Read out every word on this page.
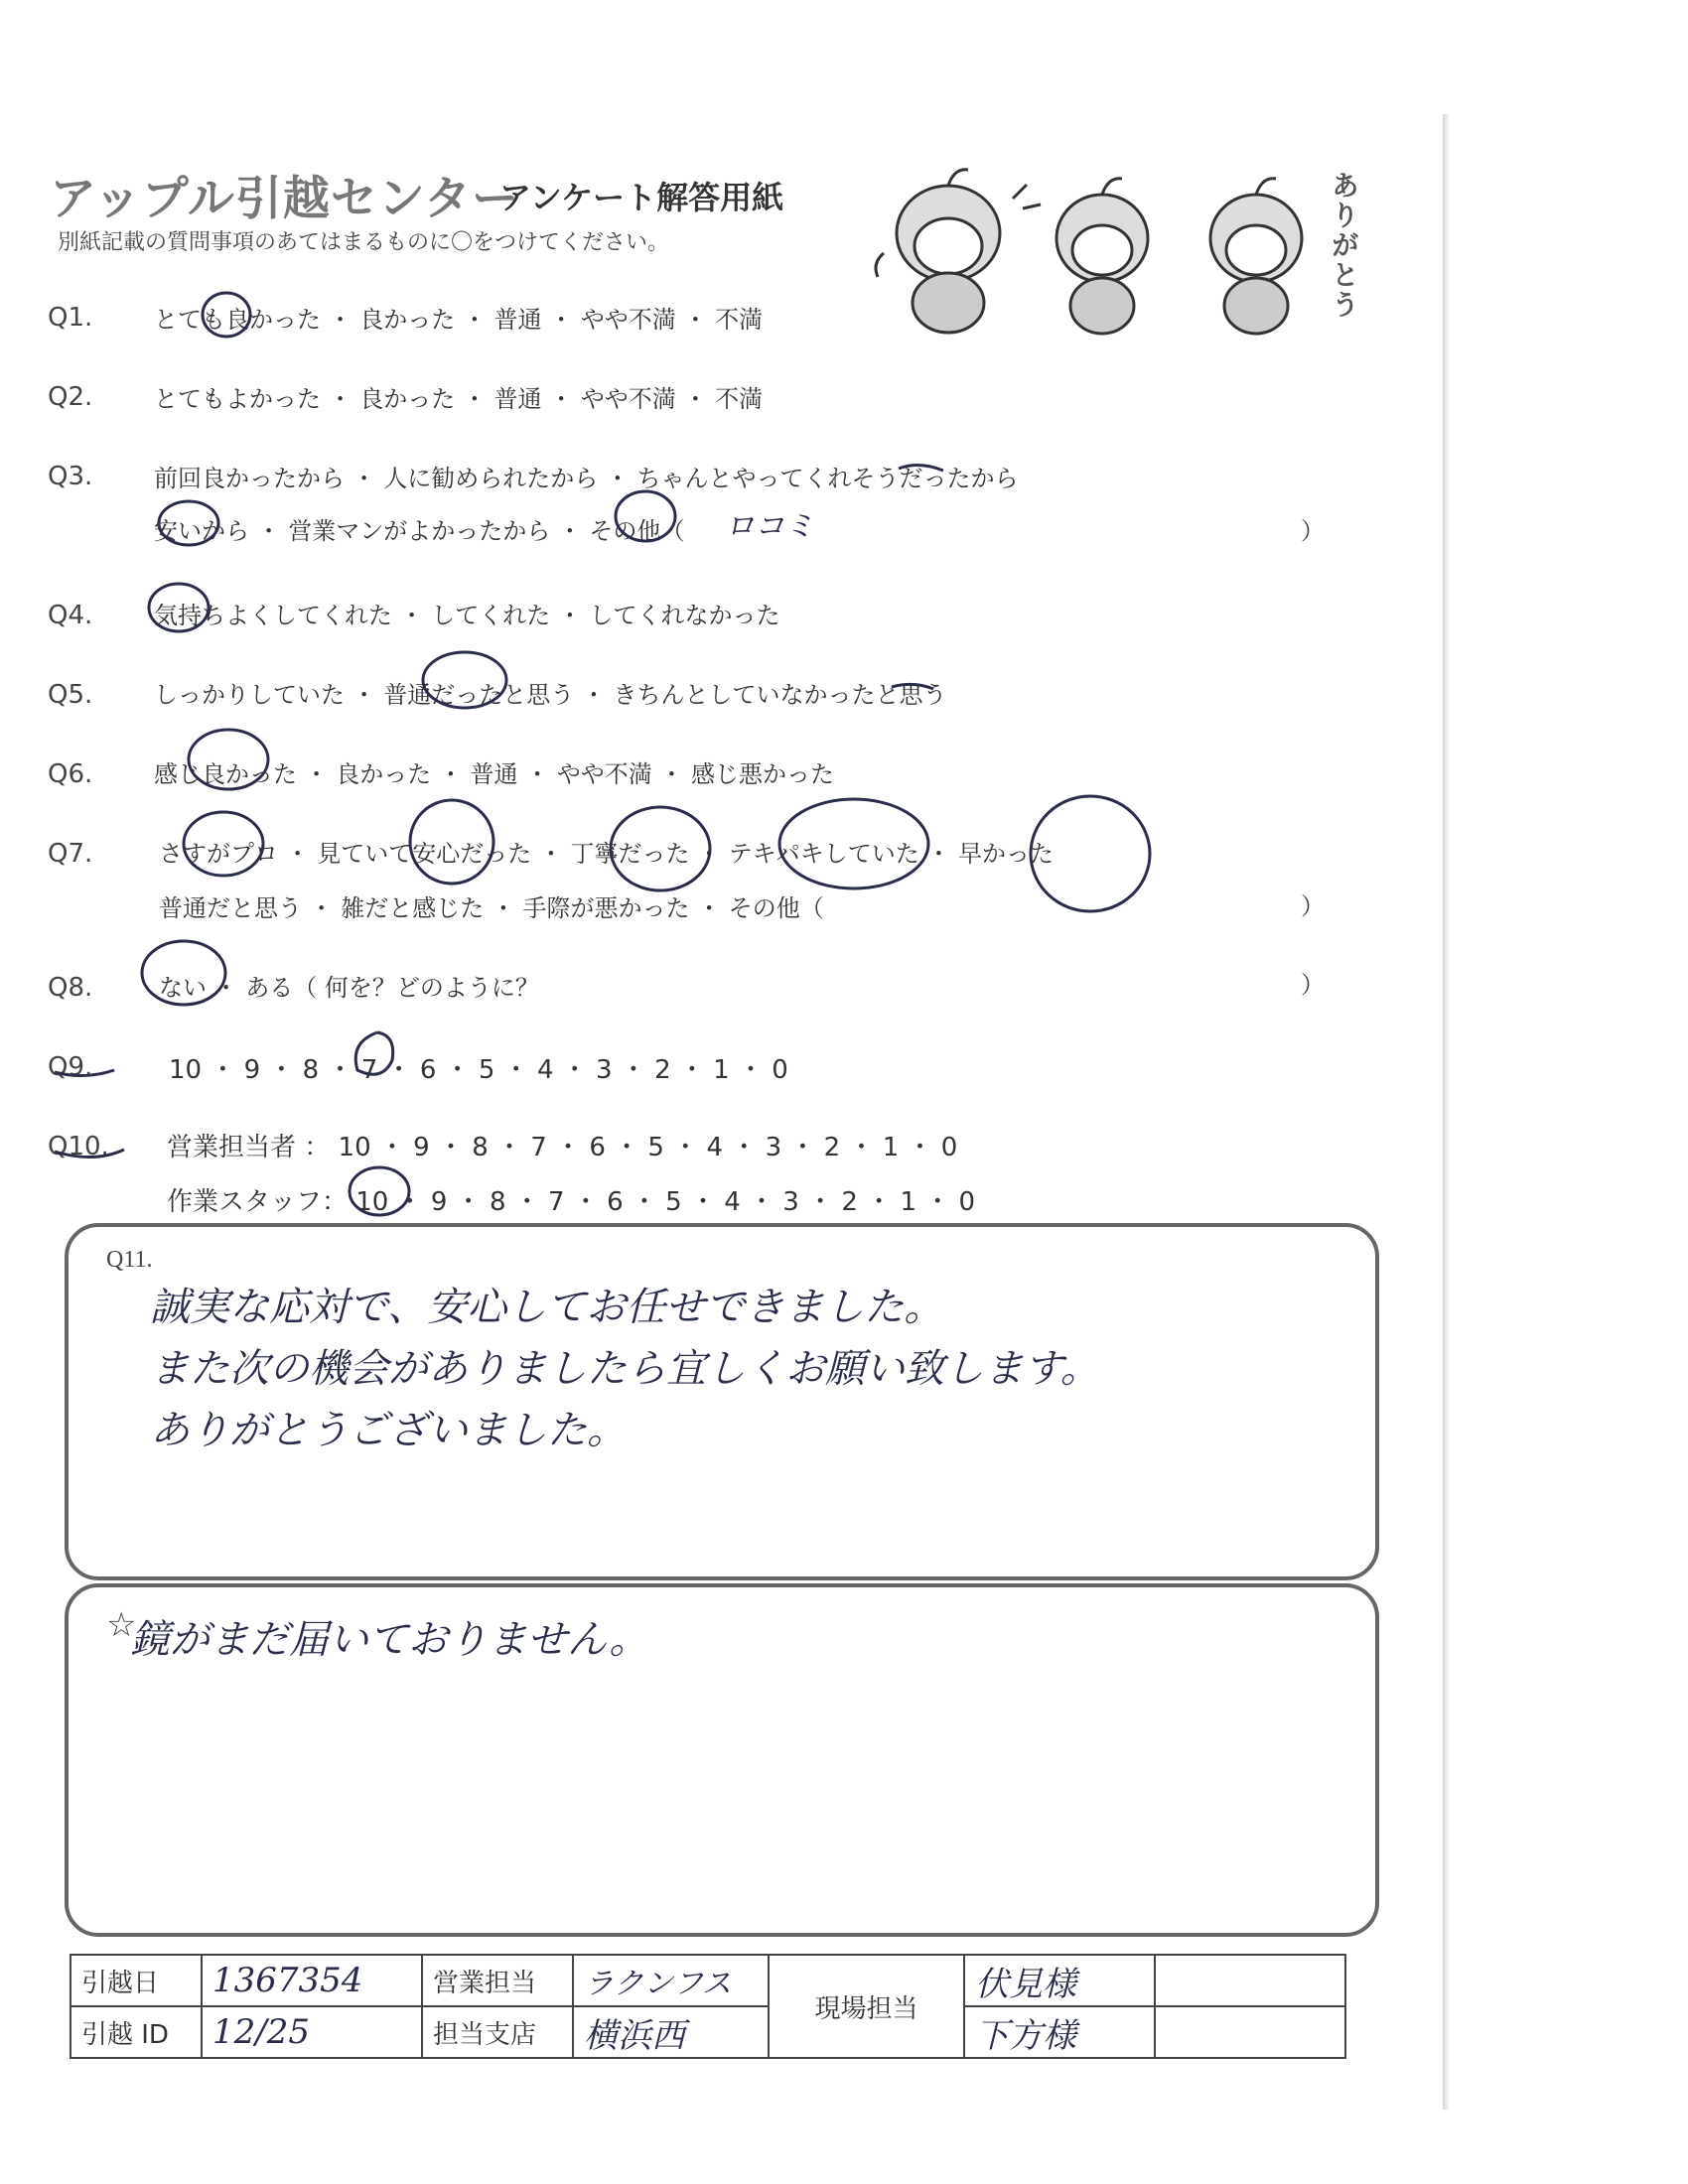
アップル引越センター
アンケート解答用紙
別紙記載の質問事項のあてはまるものに〇をつけてください。	ありがとう
Q1.	とても良かった ・ 良かった ・ 普通 ・ やや不満 ・ 不満
Q2.	とてもよかった ・ 良かった ・ 普通 ・ やや不満 ・ 不満
Q3.	前回良かったから ・ 人に勧められたから ・ ちゃんとやってくれそうだったから
安いから ・ 営業マンがよかったから ・ その他（ ロコミ	）
Q4.	気持ちよくしてくれた ・ してくれた ・ してくれなかった
Q5.	しっかりしていた ・ 普通だったと思う ・ きちんとしていなかったと思う
Q6.	感じ良かった ・ 良かった ・ 普通 ・ やや不満 ・ 感じ悪かった
Q7.	さすがプロ ・ 見ていて安心だった ・ 丁寧だった ・ テキパキしていた ・ 早かった
普通だと思う ・ 雑だと感じた ・ 手際が悪かった ・ その他（	）
Q8.	ない ・ ある（ 何を？どのように？	）
Q9.	10 ・ 9 ・ 8 ・ 7 ・ 6 ・ 5 ・ 4 ・ 3 ・ 2 ・ 1 ・ 0
Q10. 営業担当者 ： 10 ・ 9 ・ 8 ・ 7 ・ 6 ・ 5 ・ 4 ・ 3 ・ 2 ・ 1 ・ 0
作業スタッフ： 10 ・ 9 ・ 8 ・ 7 ・ 6 ・ 5 ・ 4 ・ 3 ・ 2 ・ 1 ・ 0
Q11.
誠実な応対で、安心してお任せできました。
また次の機会がありましたら宜しくお願い致します。
ありがとうございました。
☆
鏡がまだ届いておりません。
引越日	1367354	営業担当	ラクンフス	現場担当	伏見様	
引越 ID	12/25	担当支店	横浜西		下方様	
